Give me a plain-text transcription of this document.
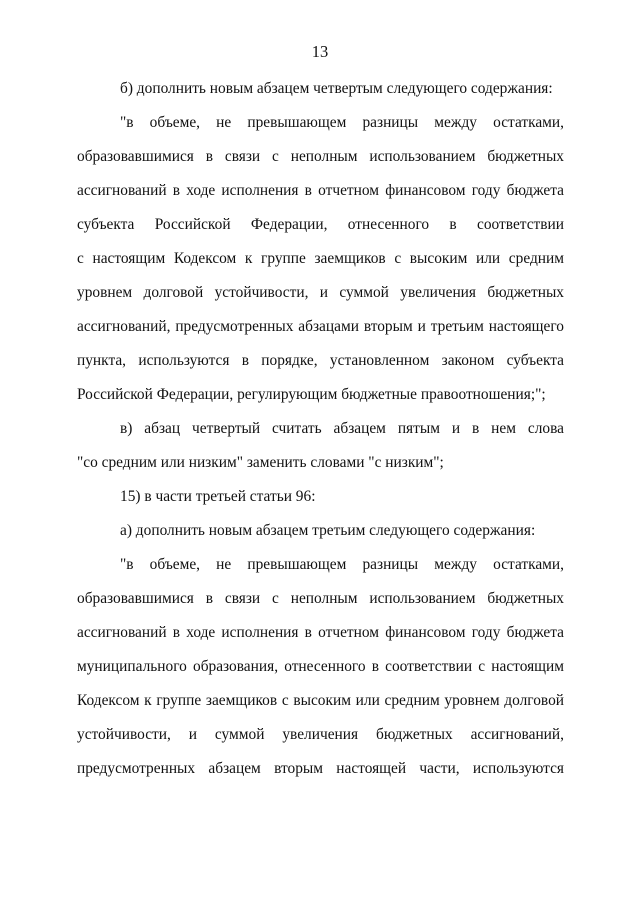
13
б) дополнить новым абзацем четвертым следующего содержания:
"в объеме, не превышающем разницы между остатками,
образовавшимися в связи с неполным использованием бюджетных
ассигнований в ходе исполнения в отчетном финансовом году бюджета
субъекта Российской Федерации, отнесенного в соответствии
с настоящим Кодексом к группе заемщиков с высоким или средним
уровнем долговой устойчивости, и суммой увеличения бюджетных
ассигнований, предусмотренных абзацами вторым и третьим настоящего
пункта, используются в порядке, установленном законом субъекта
Российской Федерации, регулирующим бюджетные правоотношения;";
в) абзац четвертый считать абзацем пятым и в нем слова
"со средним или низким" заменить словами "с низким";
15) в части третьей статьи 96:
а) дополнить новым абзацем третьим следующего содержания:
"в объеме, не превышающем разницы между остатками,
образовавшимися в связи с неполным использованием бюджетных
ассигнований в ходе исполнения в отчетном финансовом году бюджета
муниципального образования, отнесенного в соответствии с настоящим
Кодексом к группе заемщиков с высоким или средним уровнем долговой
устойчивости, и суммой увеличения бюджетных ассигнований,
предусмотренных абзацем вторым настоящей части, используются
